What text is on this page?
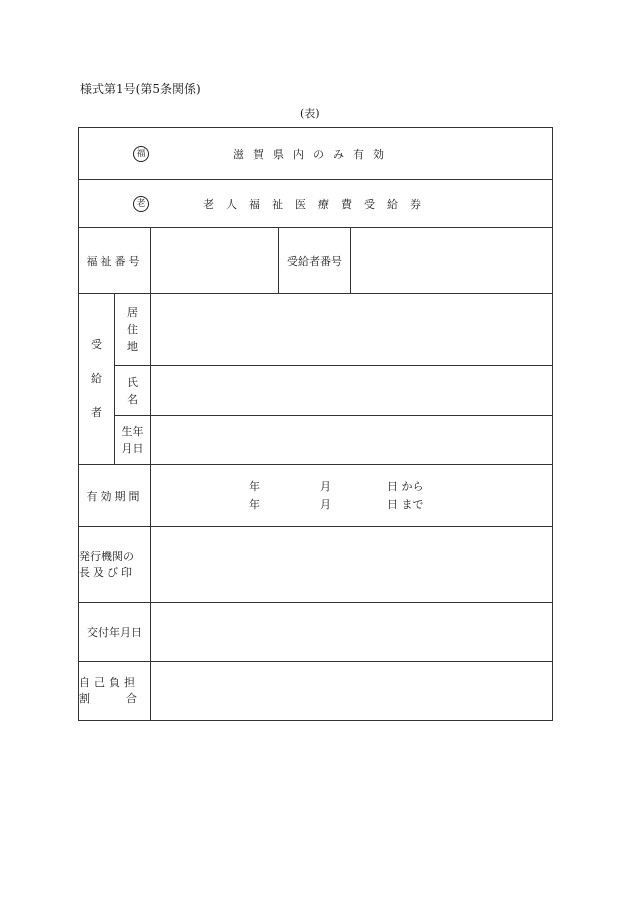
様式第1号(第5条関係)
(表)
福 滋賀県内のみ有効				

老 老人福祉医療費受給券				

福祉番号			受給者番号	

受
給
者	居
住
地			

	氏
名			

	生年
月日			

有効期間		年 月 日 から
年 月 日 まで		

発行機関の
長及び印				

交付年月日				

自己負担
割 合				
